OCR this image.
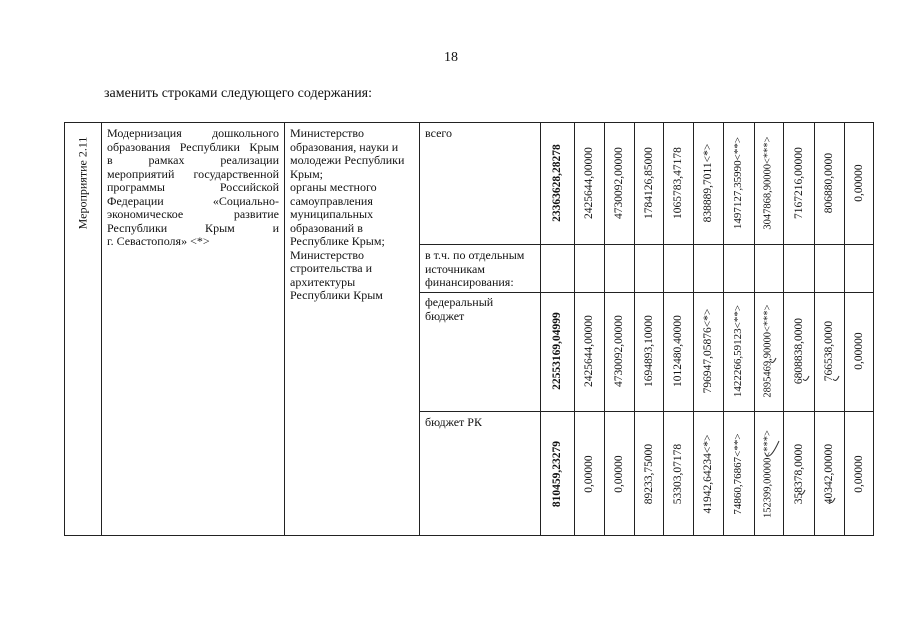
18
заменить строками следующего содержания:
Мероприятие 2.11
Модернизация дошкольного
образования Республики Крым
в рамках реализации
мероприятий государственной
программы Российской
Федерации «Социально-
экономическое развитие
Республики Крым и
г. Севастополя» <*>
Министерство
образования, науки и
молодежи Республики
Крым;
органы местного
самоуправления
муниципальных
образований в
Республике Крым;
Министерство
строительства и
архитектуры
Республики Крым
всего
в т.ч. по отдельным
источникам
финансирования:
федеральный
бюджет
бюджет РК
23363628,28278 2425644,00000 4730092,00000 1784126,85000 1065783,47178 838889,7011<*> 1497127,35990<**> 3047868,90000<***> 7167216,00000 806880,0000 0,00000
22553169,04999 2425644,00000 4730092,00000 1694893,10000 1012480,40000 796947,05876<*> 1422266,59123<**> 2895469,90000<***> 6808838,0000 766538,0000 0,00000
810459,23279 0,00000 0,00000 89233,75000 53303,07178 41942,64234<*> 74860,76867<**> 152399,00000<***> 358378,0000 40342,00000 0,00000
